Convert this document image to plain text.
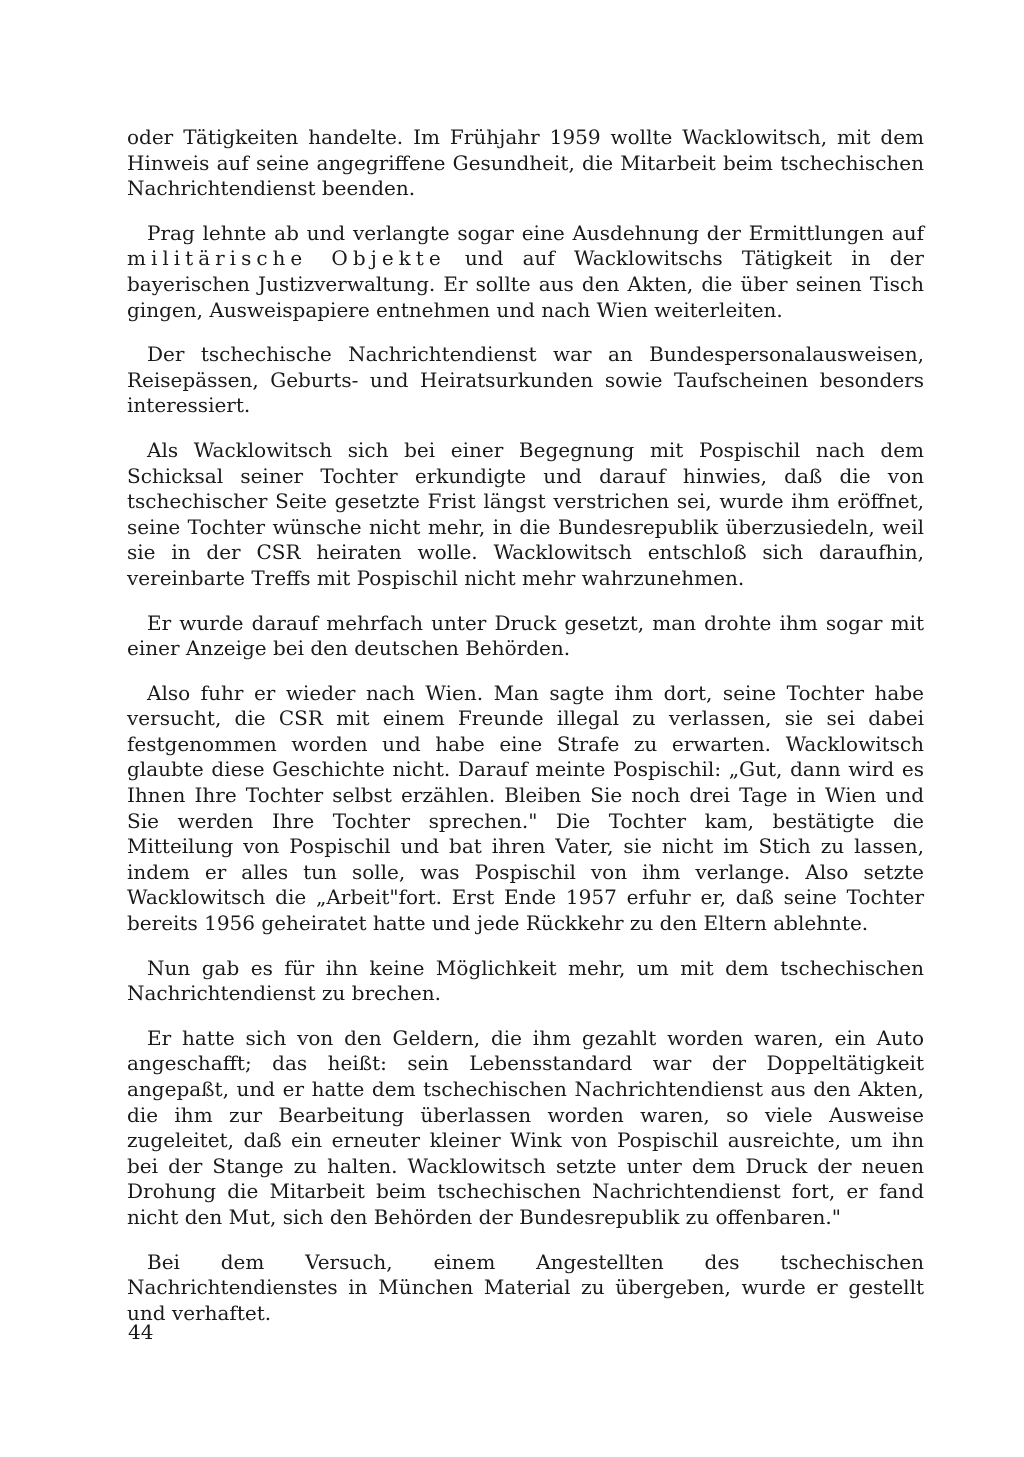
oder Tätigkeiten handelte. Im Frühjahr 1959 wollte Wacklowitsch, mit dem Hinweis auf seine angegriffene Gesundheit, die Mitarbeit beim tschechischen Nachrichtendienst beenden.

Prag lehnte ab und verlangte sogar eine Ausdehnung der Ermittlungen auf militärische Objekte und auf Wacklowitschs Tätigkeit in der bayerischen Justizverwaltung. Er sollte aus den Akten, die über seinen Tisch gingen, Ausweispapiere entnehmen und nach Wien weiterleiten.

Der tschechische Nachrichtendienst war an Bundespersonalausweisen, Reisepässen, Geburts- und Heiratsurkunden sowie Taufscheinen besonders interessiert.

Als Wacklowitsch sich bei einer Begegnung mit Pospischil nach dem Schicksal seiner Tochter erkundigte und darauf hinwies, daß die von tschechischer Seite gesetzte Frist längst verstrichen sei, wurde ihm eröffnet, seine Tochter wünsche nicht mehr, in die Bundesrepublik überzusiedeln, weil sie in der CSR heiraten wolle. Wacklowitsch entschloß sich daraufhin, vereinbarte Treffs mit Pospischil nicht mehr wahrzunehmen.

Er wurde darauf mehrfach unter Druck gesetzt, man drohte ihm sogar mit einer Anzeige bei den deutschen Behörden.

Also fuhr er wieder nach Wien. Man sagte ihm dort, seine Tochter habe versucht, die CSR mit einem Freunde illegal zu verlassen, sie sei dabei festgenommen worden und habe eine Strafe zu erwarten. Wacklowitsch glaubte diese Geschichte nicht. Darauf meinte Pospischil: „Gut, dann wird es Ihnen Ihre Tochter selbst erzählen. Bleiben Sie noch drei Tage in Wien und Sie werden Ihre Tochter sprechen." Die Tochter kam, bestätigte die Mitteilung von Pospischil und bat ihren Vater, sie nicht im Stich zu lassen, indem er alles tun solle, was Pospischil von ihm verlange. Also setzte Wacklowitsch die „Arbeit"fort. Erst Ende 1957 erfuhr er, daß seine Tochter bereits 1956 geheiratet hatte und jede Rückkehr zu den Eltern ablehnte.

Nun gab es für ihn keine Möglichkeit mehr, um mit dem tschechischen Nachrichtendienst zu brechen.

Er hatte sich von den Geldern, die ihm gezahlt worden waren, ein Auto angeschafft; das heißt: sein Lebensstandard war der Doppeltätigkeit angepaßt, und er hatte dem tschechischen Nachrichtendienst aus den Akten, die ihm zur Bearbeitung überlassen worden waren, so viele Ausweise zugeleitet, daß ein erneuter kleiner Wink von Pospischil ausreichte, um ihn bei der Stange zu halten. Wacklowitsch setzte unter dem Druck der neuen Drohung die Mitarbeit beim tschechischen Nachrichtendienst fort, er fand nicht den Mut, sich den Behörden der Bundesrepublik zu offenbaren."

Bei dem Versuch, einem Angestellten des tschechischen Nachrichtendienstes in München Material zu übergeben, wurde er gestellt und verhaftet.

44
